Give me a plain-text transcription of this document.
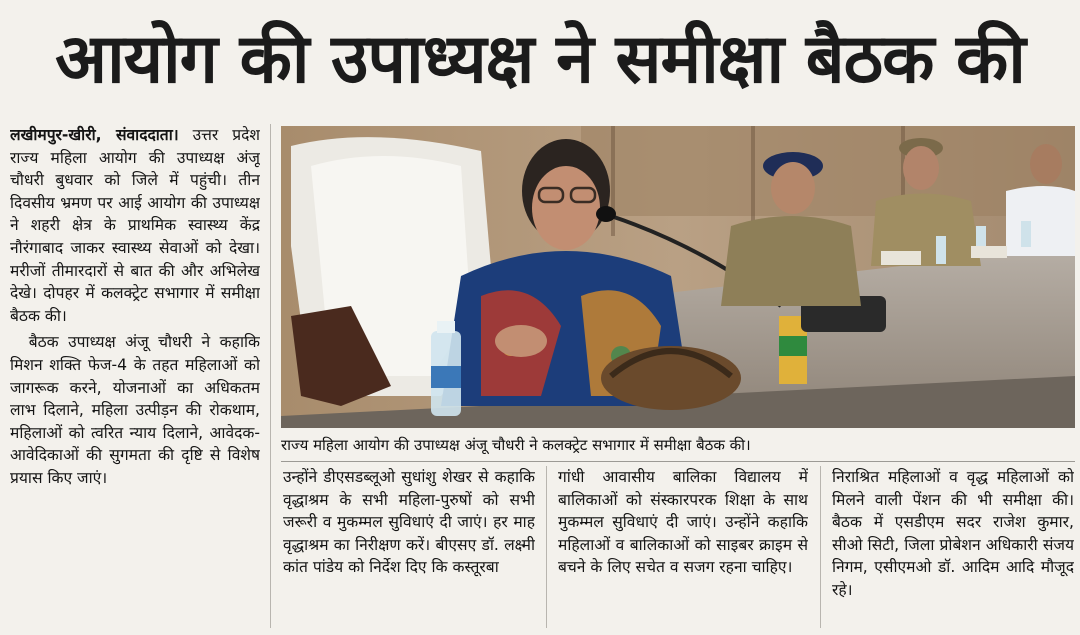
आयोग की उपाध्यक्ष ने समीक्षा बैठक की

लखीमपुर-खीरी, संवाददाता। उत्तर प्रदेश राज्य महिला आयोग की उपाध्यक्ष अंजू चौधरी बुधवार को जिले में पहुंची। तीन दिवसीय भ्रमण पर आई आयोग की उपाध्यक्ष ने शहरी क्षेत्र के प्राथमिक स्वास्थ्य केंद्र नौरंगाबाद जाकर स्वास्थ्य सेवाओं को देखा। मरीजों तीमारदारों से बात की और अभिलेख देखे। दोपहर में कलक्ट्रेट सभागार में समीक्षा बैठक की।

बैठक उपाध्यक्ष अंजू चौधरी ने कहाकि मिशन शक्ति फेज-4 के तहत महिलाओं को जागरूक करने, योजनाओं का अधिकतम लाभ दिलाने, महिला उत्पीड़न की रोकथाम, महिलाओं को त्वरित न्याय दिलाने, आवेदक-आवेदिकाओं की सुगमता की दृष्टि से विशेष प्रयास किए जाएं।

राज्य महिला आयोग की उपाध्यक्ष अंजू चौधरी ने कलक्ट्रेट सभागार में समीक्षा बैठक की।
उन्होंने डीएसडब्लूओ सुधांशु शेखर से कहाकि वृद्धाश्रम के सभी महिला-पुरुषों को सभी जरूरी व मुकम्मल सुविधाएं दी जाएं। हर माह वृद्धाश्रम का निरीक्षण करें। बीएसए डॉ. लक्ष्मी कांत पांडेय को निर्देश दिए कि कस्तूरबा
गांधी आवासीय बालिका विद्यालय में बालिकाओं को संस्कारपरक शिक्षा के साथ मुकम्मल सुविधाएं दी जाएं। उन्होंने कहाकि महिलाओं व बालिकाओं को साइबर क्राइम से बचने के लिए सचेत व सजग रहना चाहिए।
निराश्रित महिलाओं व वृद्ध महिलाओं को मिलने वाली पेंशन की भी समीक्षा की। बैठक में एसडीएम सदर राजेश कुमार, सीओ सिटी, जिला प्रोबेशन अधिकारी संजय निगम, एसीएमओ डॉ. आदिम आदि मौजूद रहे।
